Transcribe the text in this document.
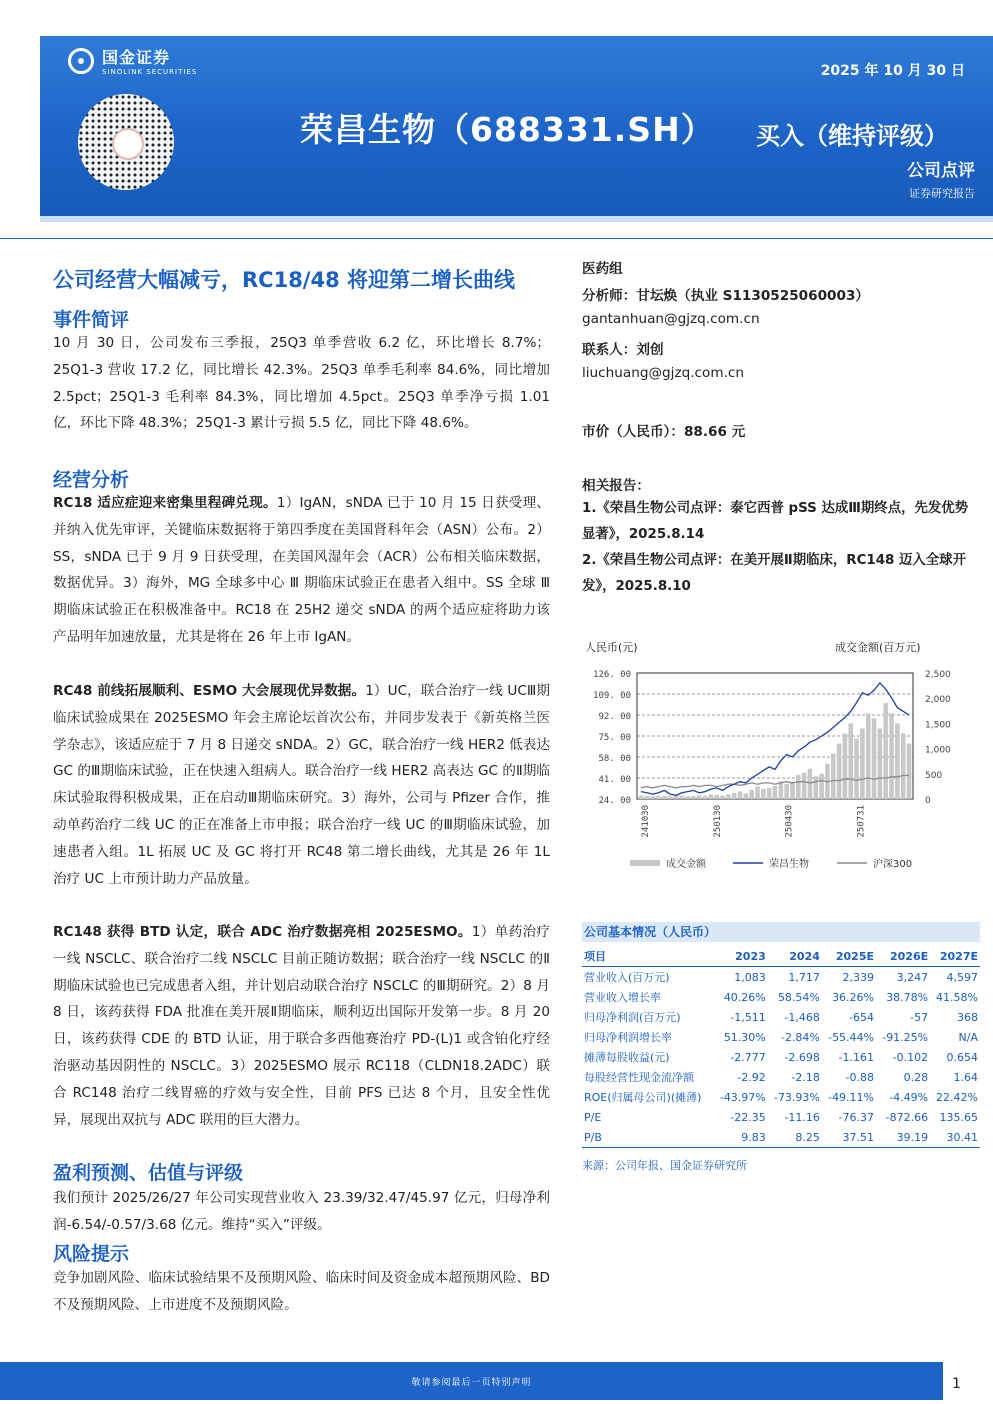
国金证券
SINOLINK SECURITIES	2025 年 10 月 30 日
荣昌生物（688331.SH） 买入（维持评级）
公司点评
证券研究报告
公司经营大幅减亏，RC18/48 将迎第二增长曲线
事件简评
10 月 30 日，公司发布三季报，25Q3 单季营收 6.2 亿，环比增长 8.7%；25Q1-3 营收 17.2 亿，同比增长 42.3%。25Q3 单季毛利率 84.6%，同比增加 2.5pct；25Q1-3 毛利率 84.3%，同比增加 4.5pct。25Q3 单季净亏损 1.01 亿，环比下降 48.3%；25Q1-3 累计亏损 5.5 亿，同比下降 48.6%。
经营分析
RC18 适应症迎来密集里程碑兑现。1）IgAN，sNDA 已于 10 月 15 日获受理、并纳入优先审评，关键临床数据将于第四季度在美国肾科年会（ASN）公布。2）SS，sNDA 已于 9 月 9 日获受理，在美国风湿年会（ACR）公布相关临床数据，数据优异。3）海外，MG 全球多中心 Ⅲ 期临床试验正在患者入组中。SS 全球 Ⅲ 期临床试验正在积极准备中。RC18 在 25H2 递交 sNDA 的两个适应症将助力该产品明年加速放量，尤其是将在 26 年上市 IgAN。
RC48 前线拓展顺利、ESMO 大会展现优异数据。1）UC，联合治疗一线 UCⅢ期临床试验成果在 2025ESMO 年会主席论坛首次公布，并同步发表于《新英格兰医学杂志》，该适应症于 7 月 8 日递交 sNDA。2）GC，联合治疗一线 HER2 低表达 GC 的Ⅲ期临床试验，正在快速入组病人。联合治疗一线 HER2 高表达 GC 的Ⅱ期临床试验取得积极成果，正在启动Ⅲ期临床研究。3）海外，公司与 Pfizer 合作，推动单药治疗二线 UC 的正在准备上市申报；联合治疗一线 UC 的Ⅲ期临床试验，加速患者入组。1L 拓展 UC 及 GC 将打开 RC48 第二增长曲线，尤其是 26 年 1L 治疗 UC 上市预计助力产品放量。
RC148 获得 BTD 认定，联合 ADC 治疗数据亮相 2025ESMO。1）单药治疗一线 NSCLC、联合治疗二线 NSCLC 目前正随访数据；联合治疗一线 NSCLC 的Ⅱ期临床试验也已完成患者入组，并计划启动联合治疗 NSCLC 的Ⅲ期研究。2）8 月 8 日，该药获得 FDA 批准在美开展Ⅱ期临床，顺利迈出国际开发第一步。8 月 20 日，该药获得 CDE 的 BTD 认证，用于联合多西他赛治疗 PD-(L)1 或含铂化疗经治驱动基因阴性的 NSCLC。3）2025ESMO 展示 RC118（CLDN18.2ADC）联合 RC148 治疗二线胃癌的疗效与安全性，目前 PFS 已达 8 个月，且安全性优异，展现出双抗与 ADC 联用的巨大潜力。
盈利预测、估值与评级
我们预计 2025/26/27 年公司实现营业收入 23.39/32.47/45.97 亿元，归母净利润-6.54/-0.57/3.68 亿元。维持“买入”评级。
风险提示
竞争加剧风险、临床试验结果不及预期风险、临床时间及资金成本超预期风险、BD 不及预期风险、上市进度不及预期风险。
医药组
分析师：甘坛焕（执业 S1130525060003）
gantanhuan@gjzq.com.cn
联系人：刘创
liuchuang@gjzq.com.cn
市价（人民币）：88.66 元
相关报告：
1.《荣昌生物公司点评：泰它西普 pSS 达成Ⅲ期终点，先发优势显著》，2025.8.14
2.《荣昌生物公司点评：在美开展Ⅱ期临床，RC148 迈入全球开发》，2025.8.10
人民币(元)	成交金额(百万元)
126. 00
109. 00
92. 00
75. 00
58. 00
41. 00
24. 00
2,500
2,000
1,500
1,000
500
0
241030	250130	250430	250731
成交金额	荣昌生物	沪深300
公司基本情况（人民币）
项目	2023	2024	2025E	2026E	2027E
营业收入(百万元)	1,083	1,717	2,339	3,247	4,597
营业收入增长率	40.26%	58.54%	36.26%	38.78%	41.58%
归母净利润(百万元)	-1,511	-1,468	-654	-57	368
归母净利润增长率	51.30%	-2.84%	-55.44%	-91.25%	N/A
摊薄每股收益(元)	-2.777	-2.698	-1.161	-0.102	0.654
每股经营性现金流净额	-2.92	-2.18	-0.88	0.28	1.64
ROE(归属母公司)(摊薄)	-43.97%	-73.93%	-49.11%	-4.49%	22.42%
P/E	-22.35	-11.16	-76.37	-872.66	135.65
P/B	9.83	8.25	37.51	39.19	30.41
来源：公司年报、国金证券研究所
敬请参阅最后一页特别声明	1
